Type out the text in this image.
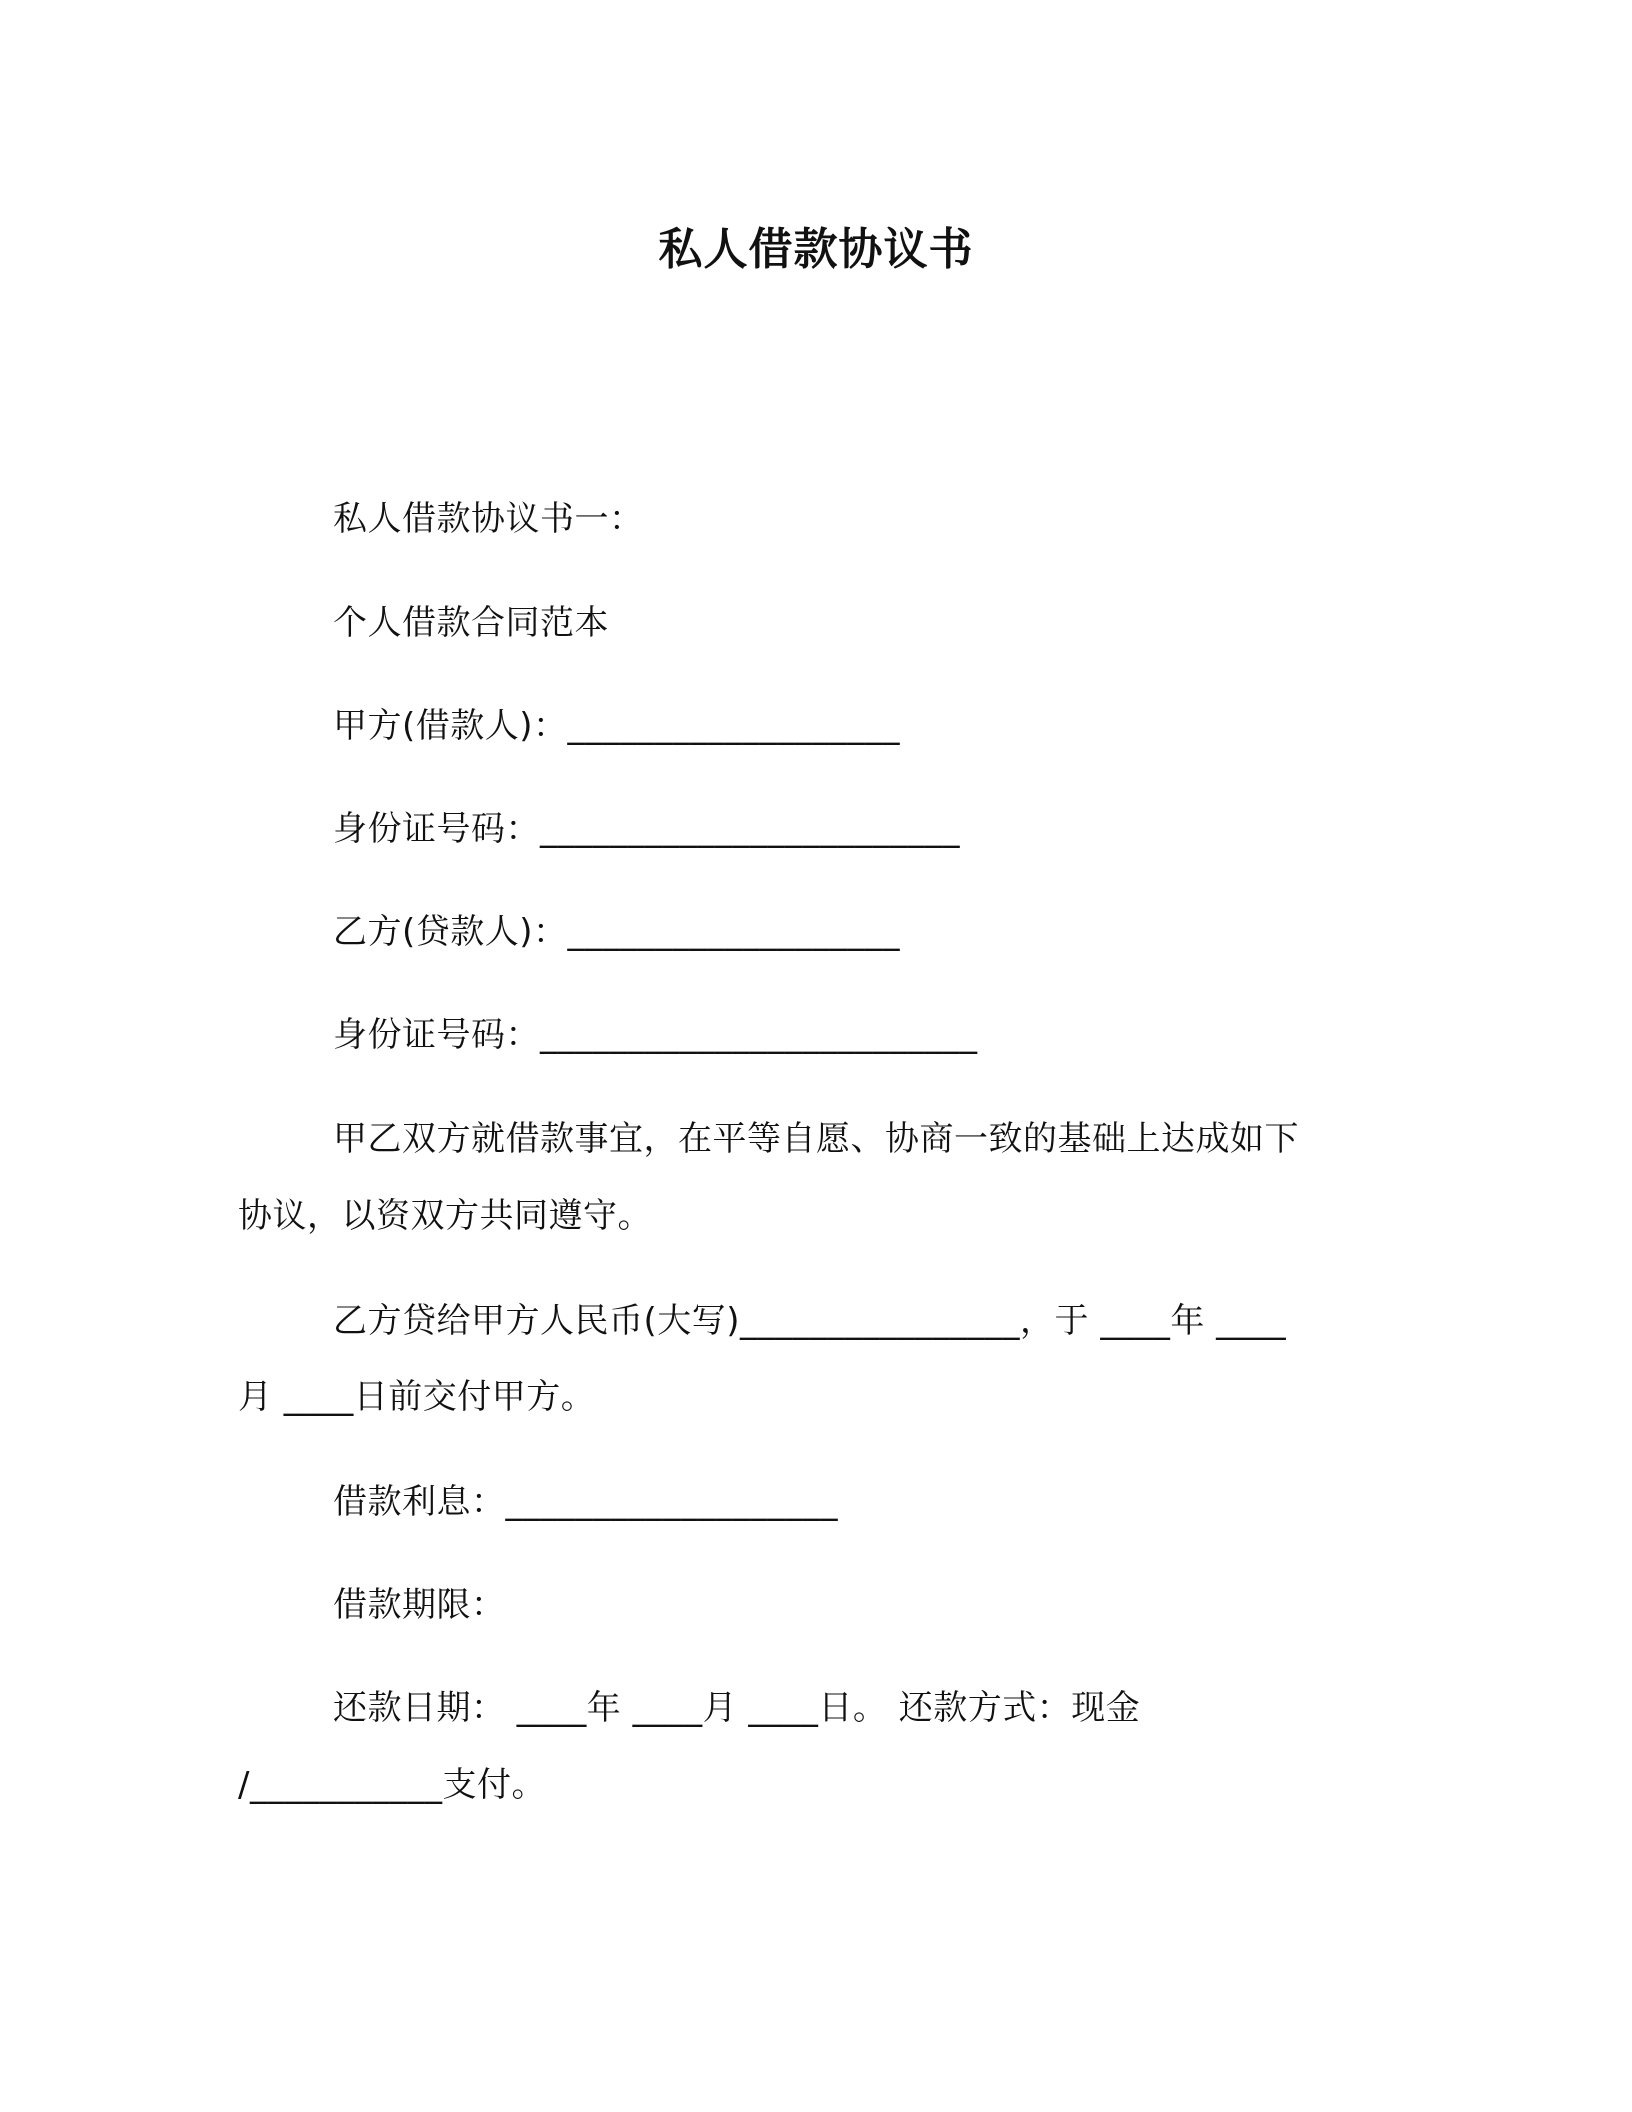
私人借款协议书
私人借款协议书一：
个人借款合同范本
甲方(借款人)：___________________
身份证号码：________________________
乙方(贷款人)：___________________
身份证号码：_________________________
甲乙双方就借款事宜，在平等自愿、协商一致的基础上达成如下
协议，以资双方共同遵守。
乙方贷给甲方人民币(大写)________________，于 ____年 ____
月 ____日前交付甲方。
借款利息：___________________
借款期限：
还款日期： ____年 ____月 ____日。 还款方式：现金
/___________支付。
